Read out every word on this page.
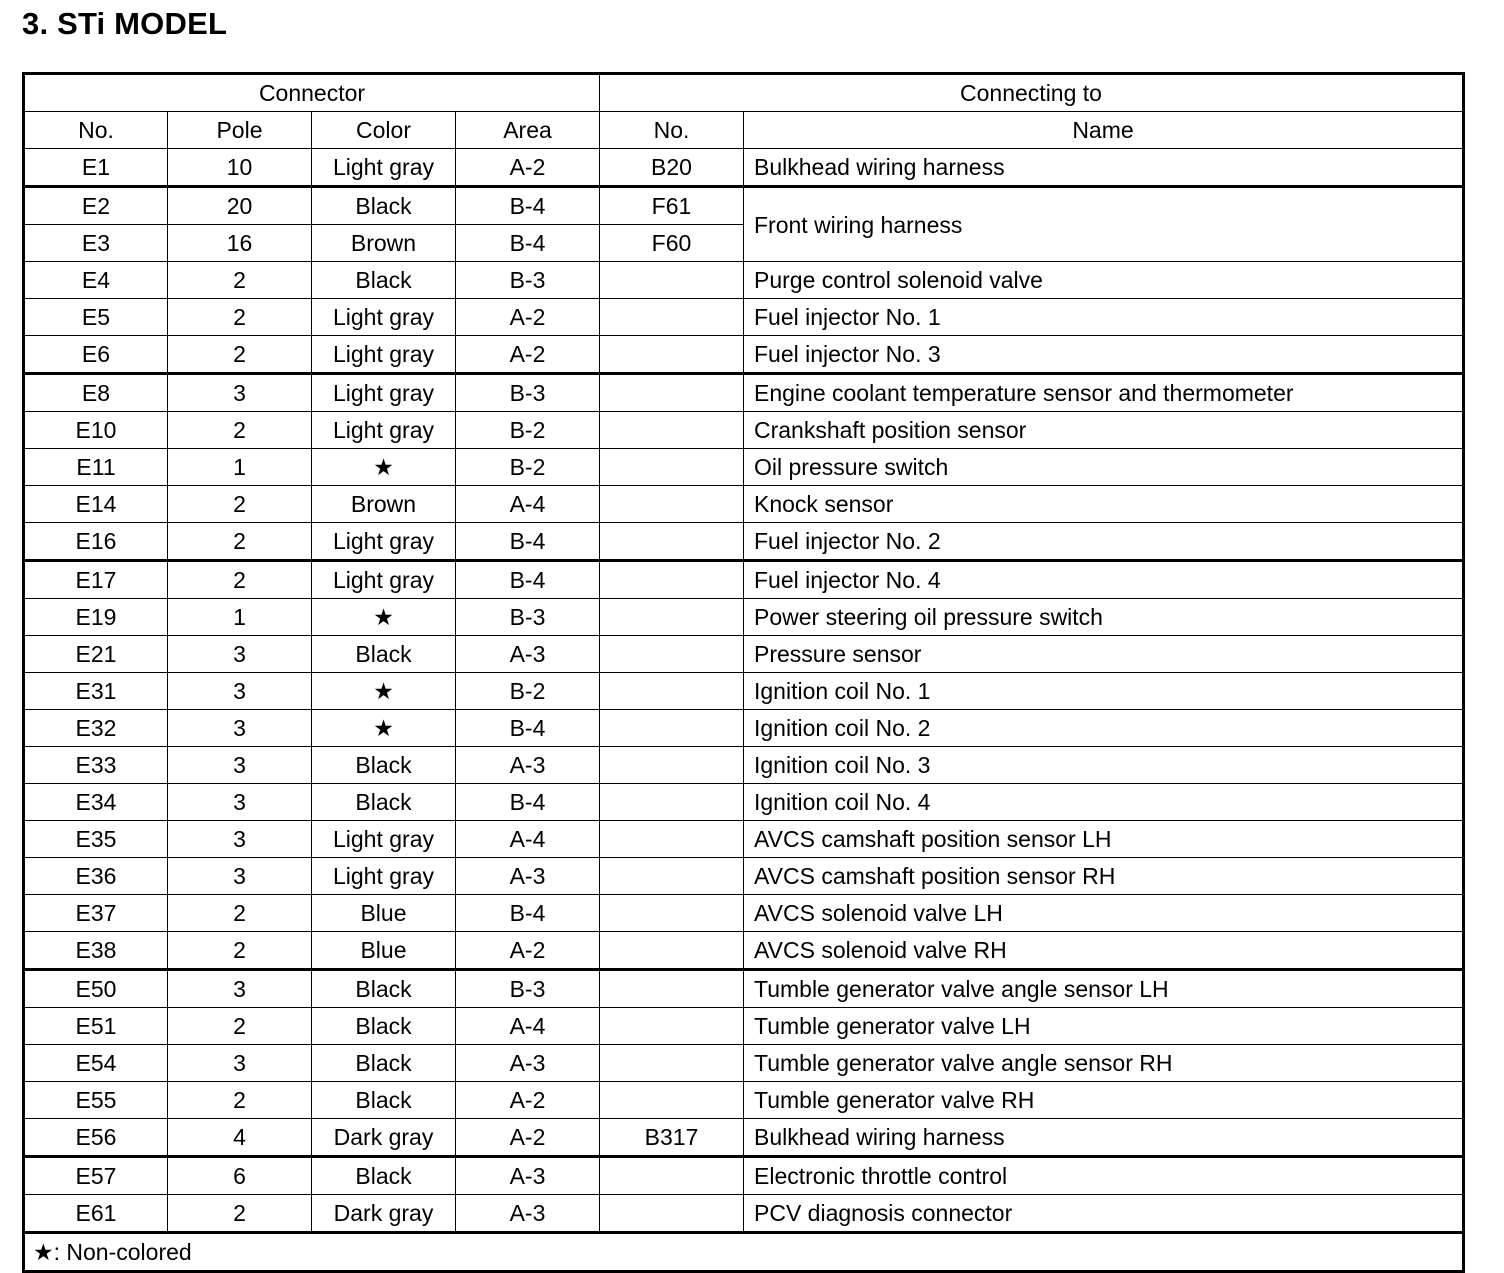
3. STi MODEL
Connector				Connecting to	
No.	Pole	Color	Area	No.	Name
E1	10	Light gray	A-2	B20	Bulkhead wiring harness
E2	20	Black	B-4	F61	Front wiring harness
E3	16	Brown	B-4	F60	
E4	2	Black	B-3		Purge control solenoid valve
E5	2	Light gray	A-2		Fuel injector No. 1
E6	2	Light gray	A-2		Fuel injector No. 3
E8	3	Light gray	B-3		Engine coolant temperature sensor and thermometer
E10	2	Light gray	B-2		Crankshaft position sensor
E11	1	★	B-2		Oil pressure switch
E14	2	Brown	A-4		Knock sensor
E16	2	Light gray	B-4		Fuel injector No. 2
E17	2	Light gray	B-4		Fuel injector No. 4
E19	1	★	B-3		Power steering oil pressure switch
E21	3	Black	A-3		Pressure sensor
E31	3	★	B-2		Ignition coil No. 1
E32	3	★	B-4		Ignition coil No. 2
E33	3	Black	A-3		Ignition coil No. 3
E34	3	Black	B-4		Ignition coil No. 4
E35	3	Light gray	A-4		AVCS camshaft position sensor LH
E36	3	Light gray	A-3		AVCS camshaft position sensor RH
E37	2	Blue	B-4		AVCS solenoid valve LH
E38	2	Blue	A-2		AVCS solenoid valve RH
E50	3	Black	B-3		Tumble generator valve angle sensor LH
E51	2	Black	A-4		Tumble generator valve LH
E54	3	Black	A-3		Tumble generator valve angle sensor RH
E55	2	Black	A-2		Tumble generator valve RH
E56	4	Dark gray	A-2	B317	Bulkhead wiring harness
E57	6	Black	A-3		Electronic throttle control
E61	2	Dark gray	A-3		PCV diagnosis connector
★: Non-colored					
